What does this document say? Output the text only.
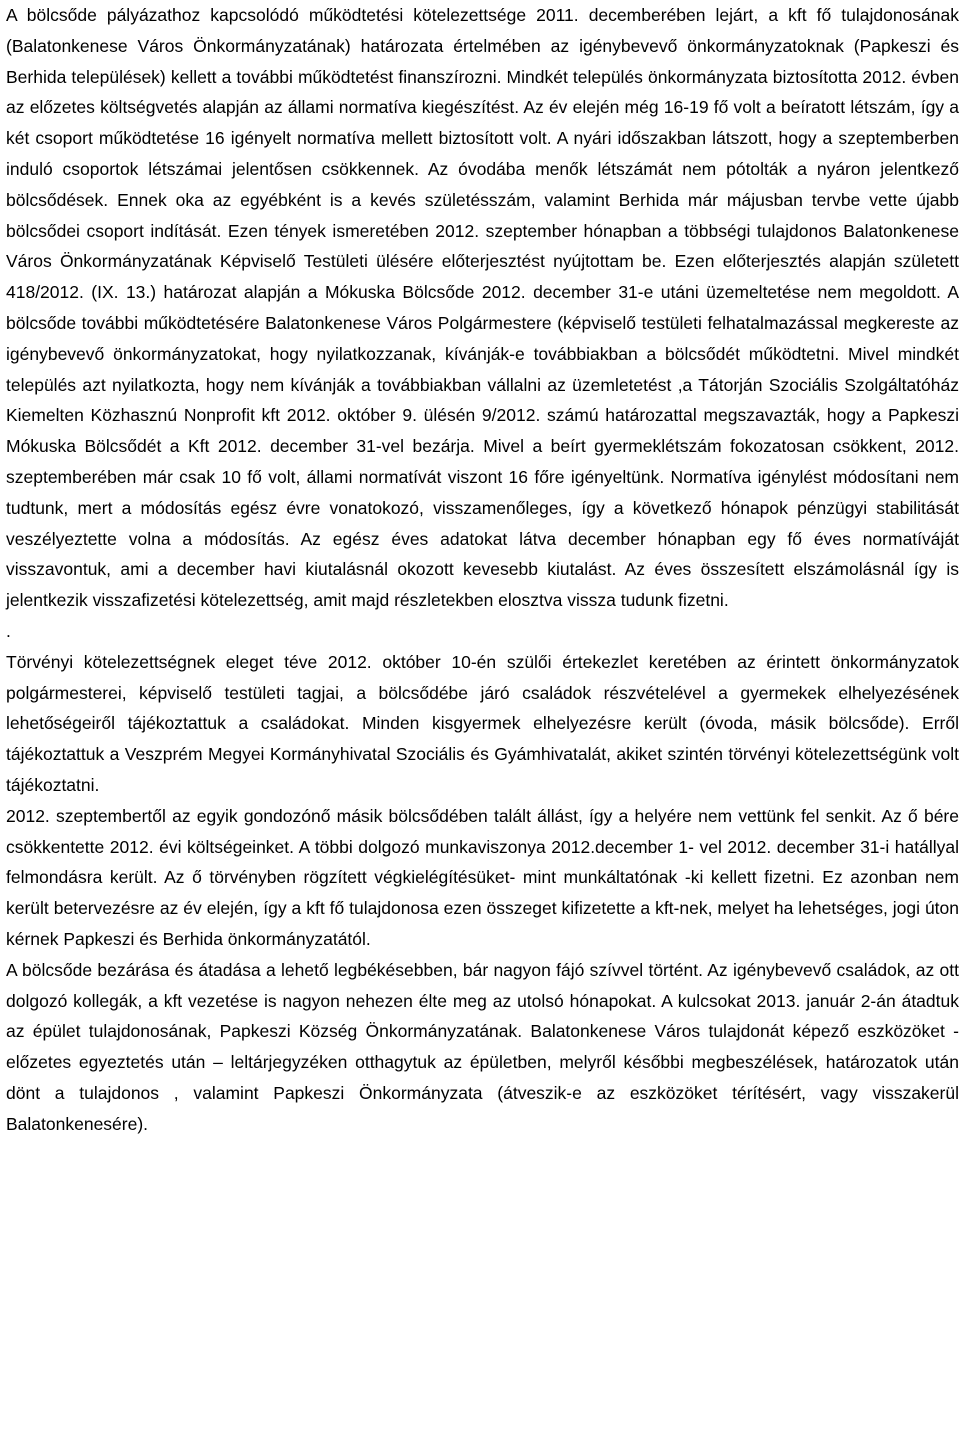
A bölcsőde pályázathoz kapcsolódó működtetési kötelezettsége 2011. decemberében lejárt, a kft fő tulajdonosának (Balatonkenese Város Önkormányzatának) határozata értelmében az igénybevevő önkormányzatoknak (Papkeszi és Berhida települések) kellett a további működtetést finanszírozni. Mindkét település önkormányzata biztosította 2012. évben az előzetes költségvetés alapján az állami normatíva kiegészítést. Az év elején még 16-19 fő volt a beíratott létszám, így a két csoport működtetése 16 igényelt normatíva mellett biztosított volt. A nyári időszakban látszott, hogy a szeptemberben induló csoportok létszámai jelentősen csökkennek. Az óvodába menők létszámát nem pótolták a nyáron jelentkező bölcsődések. Ennek oka az egyébként is a kevés születésszám, valamint Berhida már májusban tervbe vette újabb bölcsődei csoport indítását. Ezen tények ismeretében 2012. szeptember hónapban a többségi tulajdonos Balatonkenese Város Önkormányzatának Képviselő Testületi ülésére előterjesztést nyújtottam be. Ezen előterjesztés alapján született 418/2012. (IX. 13.) határozat alapján a Mókuska Bölcsőde 2012. december 31-e utáni üzemeltetése nem megoldott. A bölcsőde további működtetésére Balatonkenese Város Polgármestere (képviselő testületi felhatalmazással megkereste az igénybevevő önkormányzatokat, hogy nyilatkozzanak, kívánják-e továbbiakban a bölcsődét működtetni. Mivel mindkét település azt nyilatkozta, hogy nem kívánják a továbbiakban vállalni az üzemletetést ,a Tátorján Szociális Szolgáltatóház Kiemelten Közhasznú Nonprofit kft 2012. október 9. ülésén 9/2012. számú határozattal megszavazták, hogy a Papkeszi Mókuska Bölcsődét a Kft 2012. december 31-vel bezárja. Mivel a beírt gyermeklétszám fokozatosan csökkent, 2012. szeptemberében már csak 10 fő volt, állami normatívát viszont 16 főre igényeltünk. Normatíva igénylést módosítani nem tudtunk, mert a módosítás egész évre vonatokozó, visszamenőleges, így a következő hónapok pénzügyi stabilitását veszélyeztette volna a módosítás. Az egész éves adatokat látva december hónapban egy fő éves normatíváját visszavontuk, ami a december havi kiutalásnál okozott kevesebb kiutalást. Az éves összesített elszámolásnál így is jelentkezik visszafizetési kötelezettség, amit majd részletekben elosztva vissza tudunk fizetni.

.

Törvényi kötelezettségnek eleget téve 2012. október 10-én szülői értekezlet keretében az érintett önkormányzatok polgármesterei, képviselő testületi tagjai, a bölcsődébe járó családok részvételével a gyermekek elhelyezésének lehetőségeiről tájékoztattuk a családokat. Minden kisgyermek elhelyezésre került (óvoda, másik bölcsőde). Erről tájékoztattuk a Veszprém Megyei Kormányhivatal Szociális és Gyámhivatalát, akiket szintén törvényi kötelezettségünk volt tájékoztatni.

2012. szeptembertől az egyik gondozónő másik bölcsődében talált állást, így a helyére nem vettünk fel senkit. Az ő bére csökkentette 2012. évi költségeinket. A többi dolgozó munkaviszonya 2012.december 1- vel 2012. december 31-i hatállyal felmondásra került. Az ő törvényben rögzített végkielégítésüket- mint munkáltatónak -ki kellett fizetni. Ez azonban nem került betervezésre az év elején, így a kft fő tulajdonosa ezen összeget kifizetette a kft-nek, melyet ha lehetséges, jogi úton kérnek Papkeszi és Berhida önkormányzatától.

A bölcsőde bezárása és átadása a lehető legbékésebben, bár nagyon fájó szívvel történt. Az igénybevevő családok, az ott dolgozó kollegák, a kft vezetése is nagyon nehezen élte meg az utolsó hónapokat. A kulcsokat 2013. január 2-án átadtuk az épület tulajdonosának, Papkeszi Község Önkormányzatának. Balatonkenese Város tulajdonát képező eszközöket - előzetes egyeztetés után – leltárjegyzéken otthagytuk az épületben, melyről későbbi megbeszélések, határozatok után dönt a tulajdonos , valamint Papkeszi Önkormányzata (átveszik-e az eszközöket térítésért, vagy visszakerül Balatonkenesére).
